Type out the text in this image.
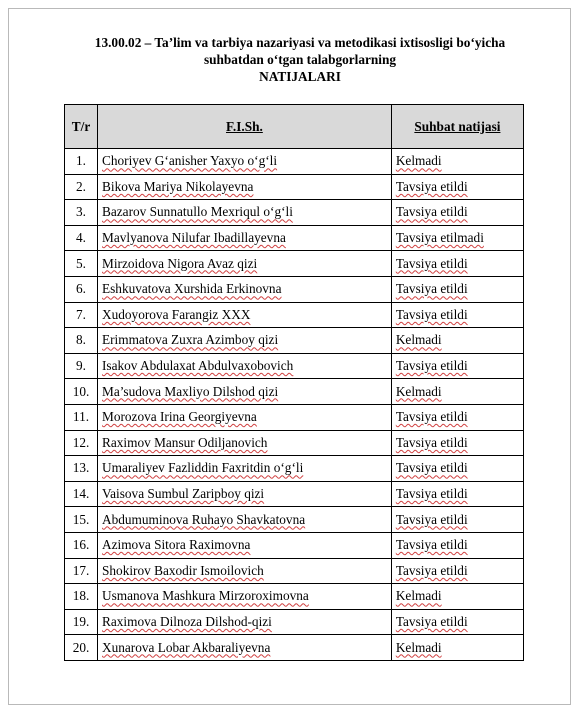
13.00.02 – Ta’lim va tarbiya nazariyasi va metodikasi ixtisosligi bo‘yicha
suhbatdan o‘tgan talabgorlarning
NATIJALARI
T/r	F.I.Sh.	Suhbat natijasi
1.	Choriyev G‘anisher Yaxyo o‘g‘li	Kelmadi
2.	Bikova Mariya Nikolayevna	Tavsiya etildi
3.	Bazarov Sunnatullo Mexriqul o‘g‘li	Tavsiya etildi
4.	Mavlyanova Nilufar Ibadillayevna	Tavsiya etilmadi
5.	Mirzoidova Nigora Avaz qizi	Tavsiya etildi
6.	Eshkuvatova Xurshida Erkinovna	Tavsiya etildi
7.	Xudoyorova Farangiz XXX	Tavsiya etildi
8.	Erimmatova Zuxra Azimboy qizi	Kelmadi
9.	Isakov Abdulaxat Abdulvaxobovich	Tavsiya etildi
10.	Ma’sudova Maxliyo Dilshod qizi	Kelmadi
11.	Morozova Irina Georgiyevna	Tavsiya etildi
12.	Raximov Mansur Odiljanovich	Tavsiya etildi
13.	Umaraliyev Fazliddin Faxritdin o‘g‘li	Tavsiya etildi
14.	Vaisova Sumbul Zaripboy qizi	Tavsiya etildi
15.	Abdumuminova Ruhayo Shavkatovna	Tavsiya etildi
16.	Azimova Sitora Raximovna	Tavsiya etildi
17.	Shokirov Baxodir Ismoilovich	Tavsiya etildi
18.	Usmanova Mashkura Mirzoroximovna	Kelmadi
19.	Raximova Dilnoza Dilshod-qizi	Tavsiya etildi
20.	Xunarova Lobar Akbaraliyevna	Kelmadi
